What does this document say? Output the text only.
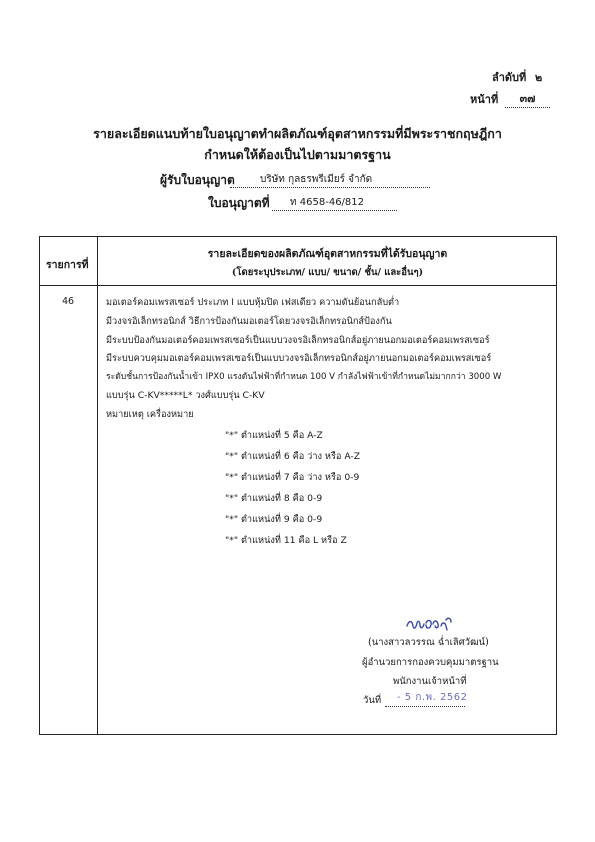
ลำดับที่ ๒
หน้าที่	๓๗
รายละเอียดแนบท้ายใบอนุญาตทำผลิตภัณฑ์อุตสาหกรรมที่มีพระราชกฤษฎีกา
กำหนดให้ต้องเป็นไปตามมาตรฐาน
ผู้รับใบอนุญาต	บริษัท กุลธรพรีเมียร์ จำกัด
ใบอนุญาตที่	ท 4658-46/812
รายการที่
รายละเอียดของผลิตภัณฑ์อุตสาหกรรมที่ได้รับอนุญาต
(โดยระบุประเภท/ แบบ/ ขนาด/ ชั้น/ และอื่นๆ)
46	มอเตอร์คอมเพรสเซอร์ ประเภท I แบบหุ้มปิด เฟสเดียว ความดันย้อนกลับต่ำ
มีวงจรอิเล็กทรอนิกส์ วิธีการป้องกันมอเตอร์โดยวงจรอิเล็กทรอนิกส์ป้องกัน
มีระบบป้องกันมอเตอร์คอมเพรสเซอร์เป็นแบบวงจรอิเล็กทรอนิกส์อยู่ภายนอกมอเตอร์คอมเพรสเซอร์
มีระบบควบคุมมอเตอร์คอมเพรสเซอร์เป็นแบบวงจรอิเล็กทรอนิกส์อยู่ภายนอกมอเตอร์คอมเพรสเซอร์
ระดับชั้นการป้องกันน้ำเข้า IPX0 แรงดันไฟฟ้าที่กำหนด 100 V กำลังไฟฟ้าเข้าที่กำหนดไม่มากกว่า 3000 W
แบบรุ่น C-KV*****L* วงศ์แบบรุ่น C-KV
หมายเหตุ เครื่องหมาย
"*" ตำแหน่งที่ 5 คือ A-Z
"*" ตำแหน่งที่ 6 คือ ว่าง หรือ A-Z
"*" ตำแหน่งที่ 7 คือ ว่าง หรือ 0-9
"*" ตำแหน่งที่ 8 คือ 0-9
"*" ตำแหน่งที่ 9 คือ 0-9
"*" ตำแหน่งที่ 11 คือ L หรือ Z
(นางสาวลวรรณ ฉ่ำเลิศวัฒน์)
ผู้อำนวยการกองควบคุมมาตรฐาน
พนักงานเจ้าหน้าที่
วันที่ - 5 ก.พ. 2562
